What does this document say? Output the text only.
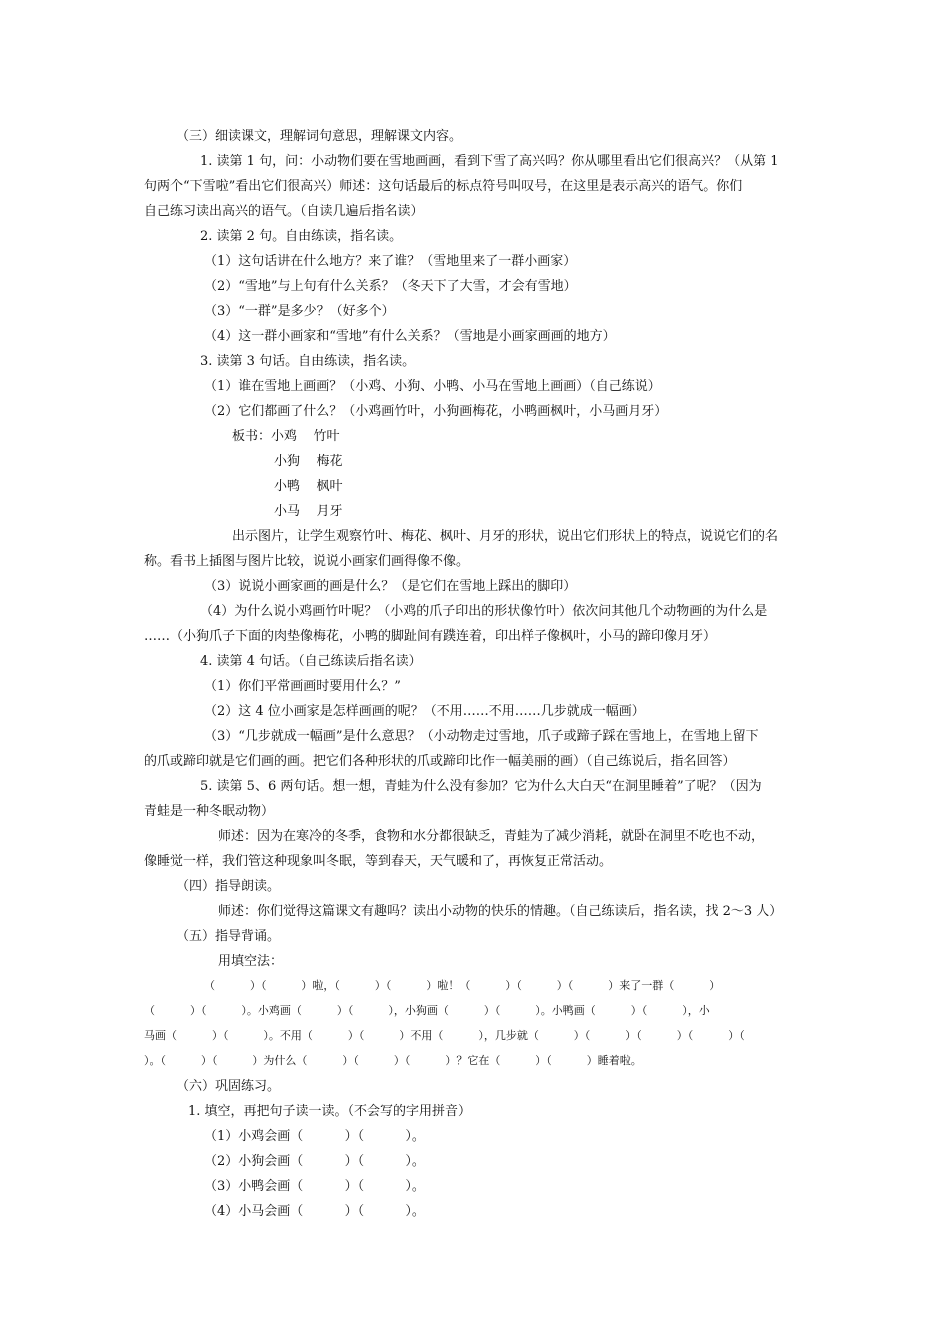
（三）细读课文，理解词句意思，理解课文内容。
1. 读第 1 句，问：小动物们要在雪地画画，看到下雪了高兴吗？你从哪里看出它们很高兴？（从第 1
句两个“下雪啦”看出它们很高兴）师述：这句话最后的标点符号叫叹号，在这里是表示高兴的语气。你们
自己练习读出高兴的语气。（自读几遍后指名读）
2. 读第 2 句。自由练读，指名读。
（1）这句话讲在什么地方？来了谁？（雪地里来了一群小画家）
（2）“雪地”与上句有什么关系？（冬天下了大雪，才会有雪地）
（3）“一群”是多少？（好多个）
（4）这一群小画家和“雪地”有什么关系？（雪地是小画家画画的地方）
3. 读第 3 句话。自由练读，指名读。
（1）谁在雪地上画画？（小鸡、小狗、小鸭、小马在雪地上画画）（自己练说）
（2）它们都画了什么？（小鸡画竹叶，小狗画梅花，小鸭画枫叶，小马画月牙）
板书：小鸡    竹叶
小狗    梅花
小鸭    枫叶
小马    月牙
出示图片，让学生观察竹叶、梅花、枫叶、月牙的形状，说出它们形状上的特点，说说它们的名
称。看书上插图与图片比较，说说小画家们画得像不像。
（3）说说小画家画的画是什么？（是它们在雪地上踩出的脚印）
（4）为什么说小鸡画竹叶呢？（小鸡的爪子印出的形状像竹叶）依次问其他几个动物画的为什么是
……（小狗爪子下面的肉垫像梅花，小鸭的脚趾间有蹼连着，印出样子像枫叶，小马的蹄印像月牙）
4. 读第 4 句话。（自己练读后指名读）
（1）你们平常画画时要用什么？”
（2）这 4 位小画家是怎样画画的呢？（不用……不用……几步就成一幅画）
（3）“几步就成一幅画”是什么意思？（小动物走过雪地，爪子或蹄子踩在雪地上，在雪地上留下
的爪或蹄印就是它们画的画。把它们各种形状的爪或蹄印比作一幅美丽的画）（自己练说后，指名回答）
5. 读第 5、6 两句话。想一想，青蛙为什么没有参加？它为什么大白天“在洞里睡着”了呢？（因为
青蛙是一种冬眠动物）
师述：因为在寒冷的冬季，食物和水分都很缺乏，青蛙为了减少消耗，就卧在洞里不吃也不动，
像睡觉一样，我们管这种现象叫冬眠，等到春天，天气暖和了，再恢复正常活动。
（四）指导朗读。
师述：你们觉得这篇课文有趣吗？读出小动物的快乐的情趣。（自己练读后，指名读，找 2～3 人）
（五）指导背诵。
用填空法：
（          ）（          ）啦，（          ）（          ）啦！（          ）（          ）（          ）来了一群（          ）
（          ）（          ）。小鸡画（          ）（          ），小狗画（          ）（          ）。小鸭画（          ）（          ），小
马画（          ）（          ）。不用（          ）（          ）不用（          ），几步就（          ）（          ）（          ）（          ）（
）。（          ）（          ）为什么（          ）（          ）（          ）？它在（          ）（          ）睡着啦。
（六）巩固练习。
1. 填空，再把句子读一读。（不会写的字用拼音）
（1）小鸡会画（          ）（          ）。
（2）小狗会画（          ）（          ）。
（3）小鸭会画（          ）（          ）。
（4）小马会画（          ）（          ）。
